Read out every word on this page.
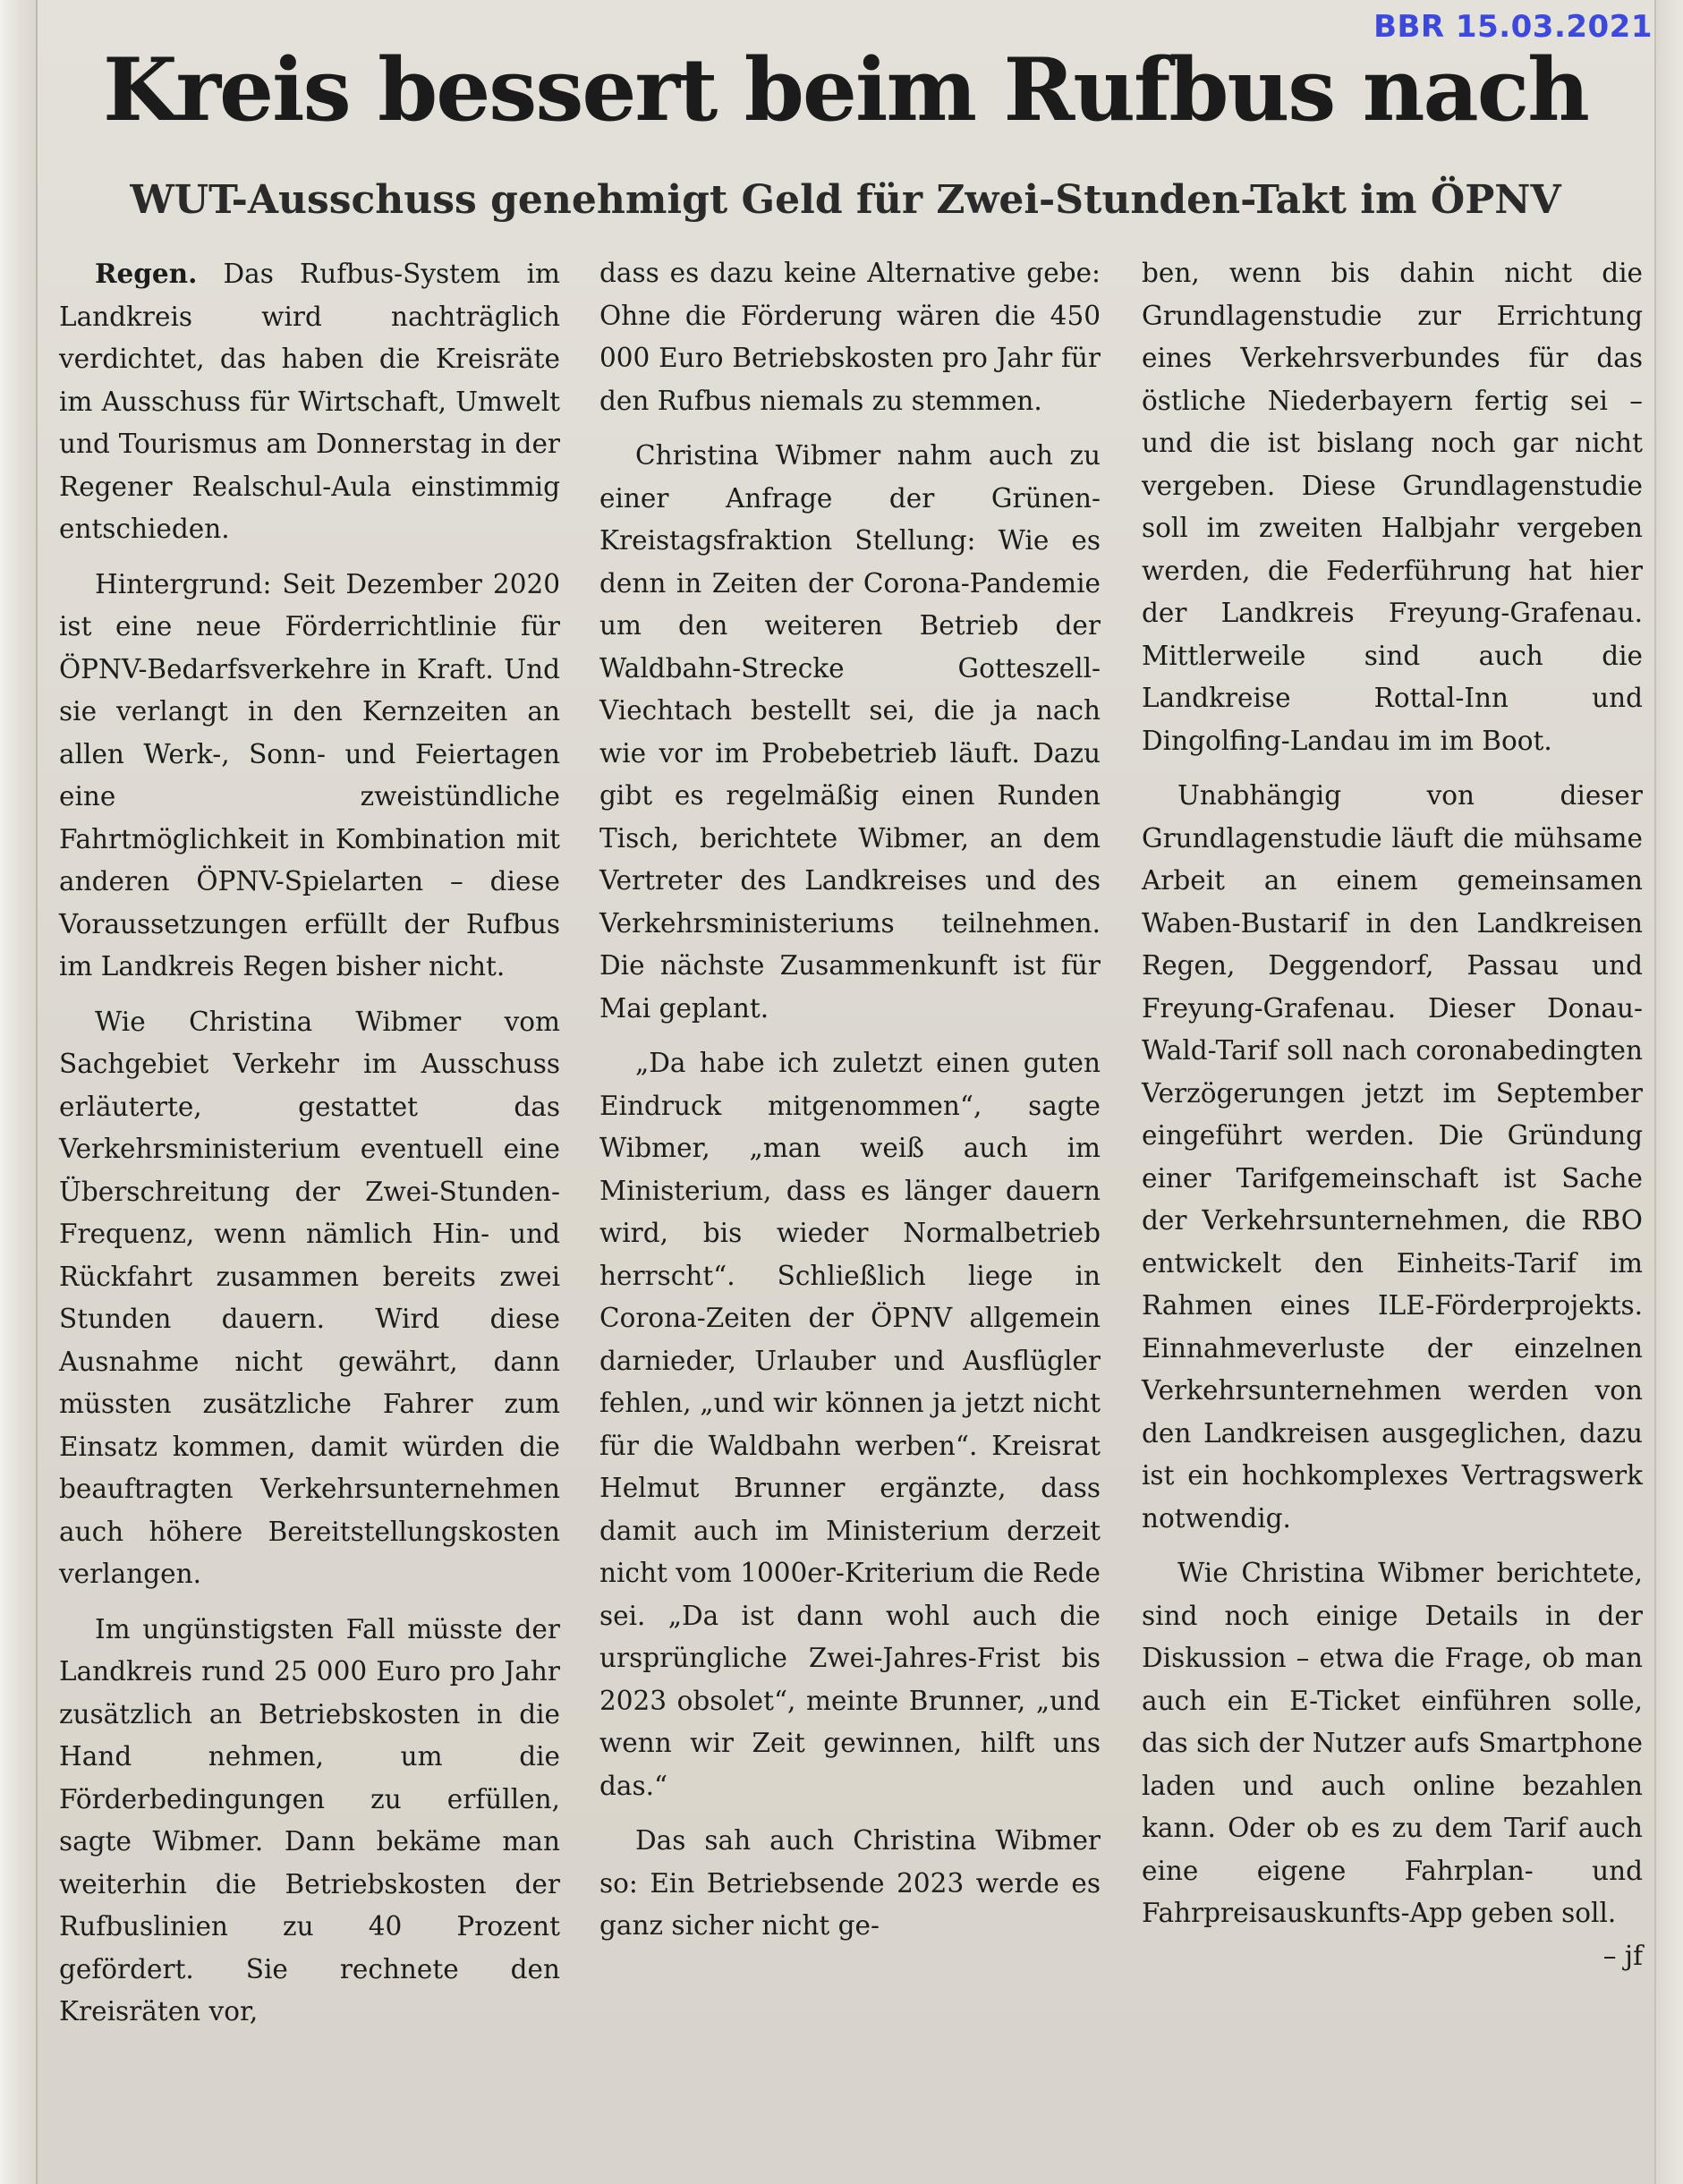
BBR 15.03.2021
Kreis bessert beim Rufbus nach
WUT-Ausschuss genehmigt Geld für Zwei-Stunden-Takt im ÖPNV

Regen. Das Rufbus-System im Landkreis wird nachträglich verdichtet, das haben die Kreisräte im Ausschuss für Wirtschaft, Umwelt und Tourismus am Donnerstag in der Regener Realschul-Aula einstimmig entschieden.

Hintergrund: Seit Dezember 2020 ist eine neue Förderrichtlinie für ÖPNV-Bedarfsverkehre in Kraft. Und sie verlangt in den Kernzeiten an allen Werk-, Sonn- und Feiertagen eine zweistündliche Fahrtmöglichkeit in Kombination mit anderen ÖPNV-Spielarten – diese Voraussetzungen erfüllt der Rufbus im Landkreis Regen bisher nicht.

Wie Christina Wibmer vom Sachgebiet Verkehr im Ausschuss erläuterte, gestattet das Verkehrsministerium eventuell eine Überschreitung der Zwei-Stunden-Frequenz, wenn nämlich Hin- und Rückfahrt zusammen bereits zwei Stunden dauern. Wird diese Ausnahme nicht gewährt, dann müssten zusätzliche Fahrer zum Einsatz kommen, damit würden die beauftragten Verkehrsunternehmen auch höhere Bereitstellungskosten verlangen.

Im ungünstigsten Fall müsste der Landkreis rund 25 000 Euro pro Jahr zusätzlich an Betriebskosten in die Hand nehmen, um die Förderbedingungen zu erfüllen, sagte Wibmer. Dann bekäme man weiterhin die Betriebskosten der Rufbuslinien zu 40 Prozent gefördert. Sie rechnete den Kreisräten vor,

dass es dazu keine Alternative gebe: Ohne die Förderung wären die 450 000 Euro Betriebskosten pro Jahr für den Rufbus niemals zu stemmen.

Christina Wibmer nahm auch zu einer Anfrage der Grünen-Kreistagsfraktion Stellung: Wie es denn in Zeiten der Corona-Pandemie um den weiteren Betrieb der Waldbahn-Strecke Gotteszell-Viechtach bestellt sei, die ja nach wie vor im Probebetrieb läuft. Dazu gibt es regelmäßig einen Runden Tisch, berichtete Wibmer, an dem Vertreter des Landkreises und des Verkehrsministeriums teilnehmen. Die nächste Zusammenkunft ist für Mai geplant.

„Da habe ich zuletzt einen guten Eindruck mitgenommen“, sagte Wibmer, „man weiß auch im Ministerium, dass es länger dauern wird, bis wieder Normalbetrieb herrscht“. Schließlich liege in Corona-Zeiten der ÖPNV allgemein darnieder, Urlauber und Ausflügler fehlen, „und wir können ja jetzt nicht für die Waldbahn werben“. Kreisrat Helmut Brunner ergänzte, dass damit auch im Ministerium derzeit nicht vom 1000er-Kriterium die Rede sei. „Da ist dann wohl auch die ursprüngliche Zwei-Jahres-Frist bis 2023 obsolet“, meinte Brunner, „und wenn wir Zeit gewinnen, hilft uns das.“

Das sah auch Christina Wibmer so: Ein Betriebsende 2023 werde es ganz sicher nicht ge-

ben, wenn bis dahin nicht die Grundlagenstudie zur Errichtung eines Verkehrsverbundes für das östliche Niederbayern fertig sei – und die ist bislang noch gar nicht vergeben. Diese Grundlagenstudie soll im zweiten Halbjahr vergeben werden, die Federführung hat hier der Landkreis Freyung-Grafenau. Mittlerweile sind auch die Landkreise Rottal-Inn und Dingolfing-Landau im im Boot.

Unabhängig von dieser Grundlagenstudie läuft die mühsame Arbeit an einem gemeinsamen Waben-Bustarif in den Landkreisen Regen, Deggendorf, Passau und Freyung-Grafenau. Dieser Donau-Wald-Tarif soll nach coronabedingten Verzögerungen jetzt im September eingeführt werden. Die Gründung einer Tarifgemeinschaft ist Sache der Verkehrsunternehmen, die RBO entwickelt den Einheits-Tarif im Rahmen eines ILE-Förderprojekts. Einnahmeverluste der einzelnen Verkehrsunternehmen werden von den Landkreisen ausgeglichen, dazu ist ein hochkomplexes Vertragswerk notwendig.

Wie Christina Wibmer berichtete, sind noch einige Details in der Diskussion – etwa die Frage, ob man auch ein E-Ticket einführen solle, das sich der Nutzer aufs Smartphone laden und auch online bezahlen kann. Oder ob es zu dem Tarif auch eine eigene Fahrplan- und Fahrpreisauskunfts-App geben soll.
– jf
